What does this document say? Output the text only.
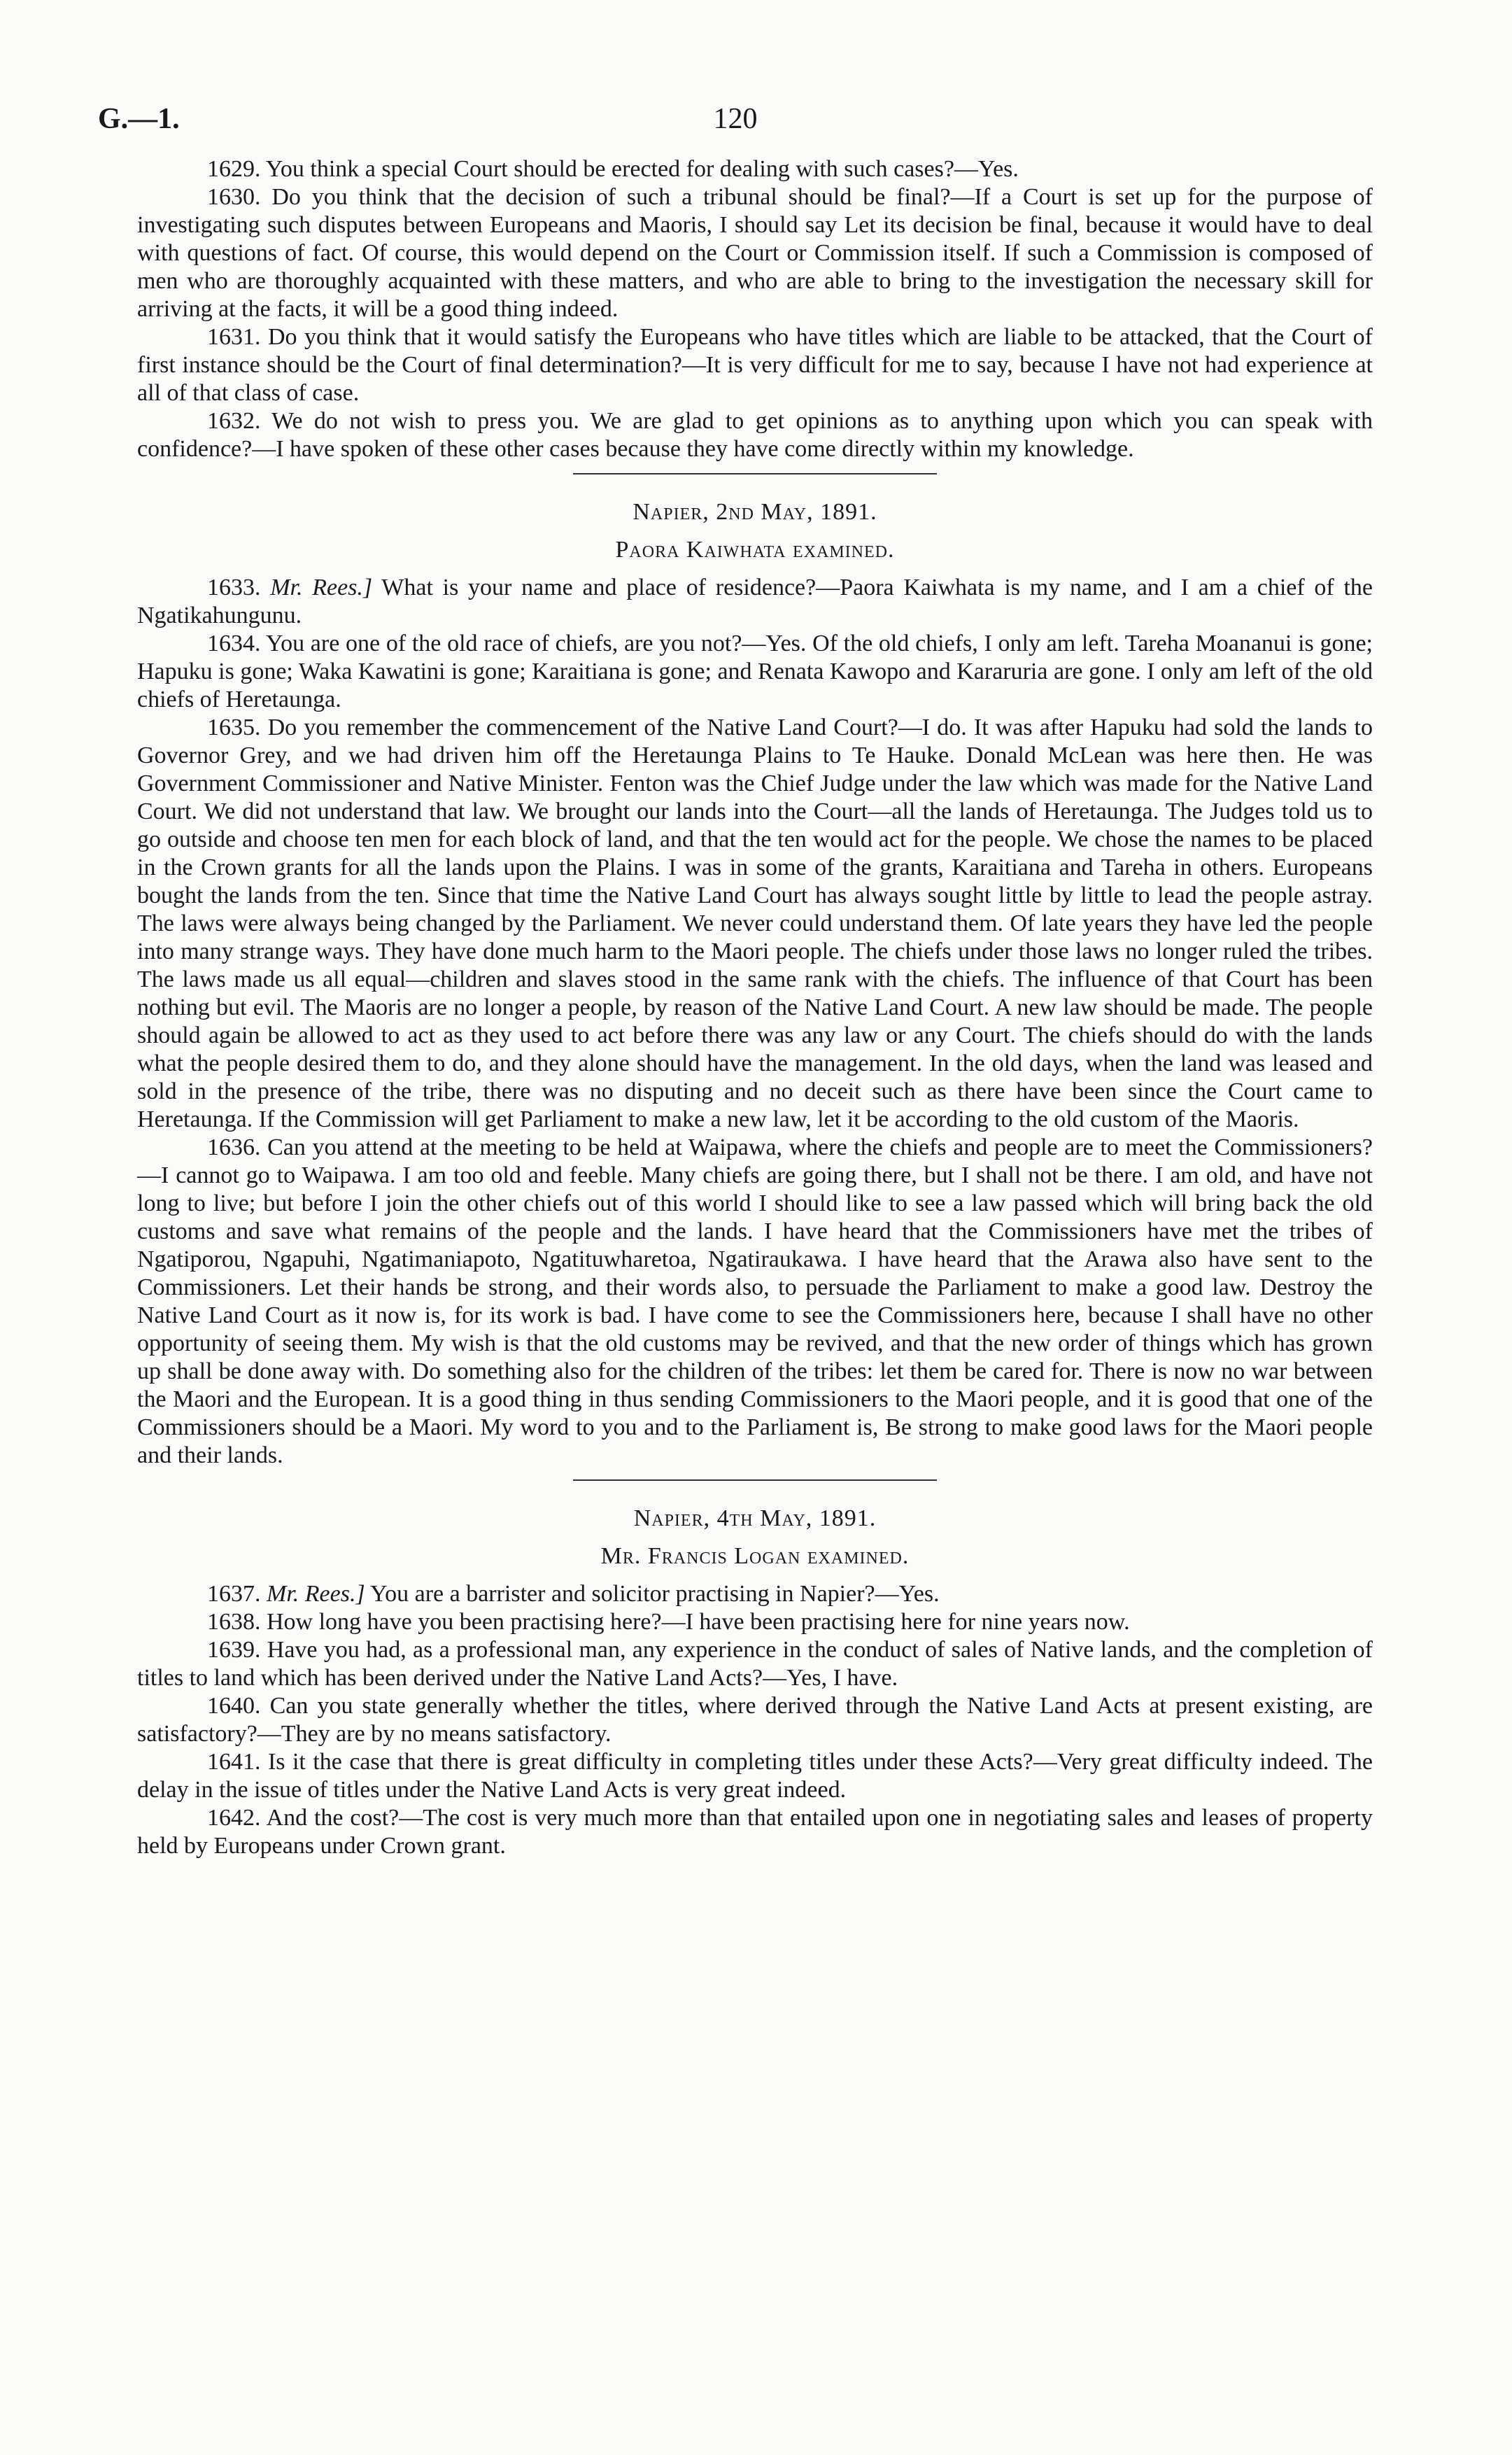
G.—1.	120

1629. You think a special Court should be erected for dealing with such cases?—Yes.

1630. Do you think that the decision of such a tribunal should be final?—If a Court is set up for the purpose of investigating such disputes between Europeans and Maoris, I should say Let its decision be final, because it would have to deal with questions of fact. Of course, this would depend on the Court or Commission itself. If such a Commission is composed of men who are thoroughly acquainted with these matters, and who are able to bring to the investigation the necessary skill for arriving at the facts, it will be a good thing indeed.

1631. Do you think that it would satisfy the Europeans who have titles which are liable to be attacked, that the Court of first instance should be the Court of final determination?—It is very difficult for me to say, because I have not had experience at all of that class of case.

1632. We do not wish to press you. We are glad to get opinions as to anything upon which you can speak with confidence?—I have spoken of these other cases because they have come directly within my knowledge.

Napier, 2nd May, 1891.
Paora Kaiwhata examined.

1633. Mr. Rees.] What is your name and place of residence?—Paora Kaiwhata is my name, and I am a chief of the Ngatikahungunu.

1634. You are one of the old race of chiefs, are you not?—Yes. Of the old chiefs, I only am left. Tareha Moananui is gone; Hapuku is gone; Waka Kawatini is gone; Karaitiana is gone; and Renata Kawopo and Kararuria are gone. I only am left of the old chiefs of Heretaunga.

1635. Do you remember the commencement of the Native Land Court?—I do. It was after Hapuku had sold the lands to Governor Grey, and we had driven him off the Heretaunga Plains to Te Hauke. Donald McLean was here then. He was Government Commissioner and Native Minister. Fenton was the Chief Judge under the law which was made for the Native Land Court. We did not understand that law. We brought our lands into the Court—all the lands of Heretaunga. The Judges told us to go outside and choose ten men for each block of land, and that the ten would act for the people. We chose the names to be placed in the Crown grants for all the lands upon the Plains. I was in some of the grants, Karaitiana and Tareha in others. Europeans bought the lands from the ten. Since that time the Native Land Court has always sought little by little to lead the people astray. The laws were always being changed by the Parliament. We never could understand them. Of late years they have led the people into many strange ways. They have done much harm to the Maori people. The chiefs under those laws no longer ruled the tribes. The laws made us all equal—children and slaves stood in the same rank with the chiefs. The influence of that Court has been nothing but evil. The Maoris are no longer a people, by reason of the Native Land Court. A new law should be made. The people should again be allowed to act as they used to act before there was any law or any Court. The chiefs should do with the lands what the people desired them to do, and they alone should have the management. In the old days, when the land was leased and sold in the presence of the tribe, there was no disputing and no deceit such as there have been since the Court came to Heretaunga. If the Commission will get Parliament to make a new law, let it be according to the old custom of the Maoris.

1636. Can you attend at the meeting to be held at Waipawa, where the chiefs and people are to meet the Commissioners?—I cannot go to Waipawa. I am too old and feeble. Many chiefs are going there, but I shall not be there. I am old, and have not long to live; but before I join the other chiefs out of this world I should like to see a law passed which will bring back the old customs and save what remains of the people and the lands. I have heard that the Commissioners have met the tribes of Ngatiporou, Ngapuhi, Ngatimaniapoto, Ngatituwharetoa, Ngatiraukawa. I have heard that the Arawa also have sent to the Commissioners. Let their hands be strong, and their words also, to persuade the Parliament to make a good law. Destroy the Native Land Court as it now is, for its work is bad. I have come to see the Commissioners here, because I shall have no other opportunity of seeing them. My wish is that the old customs may be revived, and that the new order of things which has grown up shall be done away with. Do something also for the children of the tribes: let them be cared for. There is now no war between the Maori and the European. It is a good thing in thus sending Commissioners to the Maori people, and it is good that one of the Commissioners should be a Maori. My word to you and to the Parliament is, Be strong to make good laws for the Maori people and their lands.

Napier, 4th May, 1891.
Mr. Francis Logan examined.

1637. Mr. Rees.] You are a barrister and solicitor practising in Napier?—Yes.

1638. How long have you been practising here?—I have been practising here for nine years now.

1639. Have you had, as a professional man, any experience in the conduct of sales of Native lands, and the completion of titles to land which has been derived under the Native Land Acts?—Yes, I have.

1640. Can you state generally whether the titles, where derived through the Native Land Acts at present existing, are satisfactory?—They are by no means satisfactory.

1641. Is it the case that there is great difficulty in completing titles under these Acts?—Very great difficulty indeed. The delay in the issue of titles under the Native Land Acts is very great indeed.

1642. And the cost?—The cost is very much more than that entailed upon one in negotiating sales and leases of property held by Europeans under Crown grant.
